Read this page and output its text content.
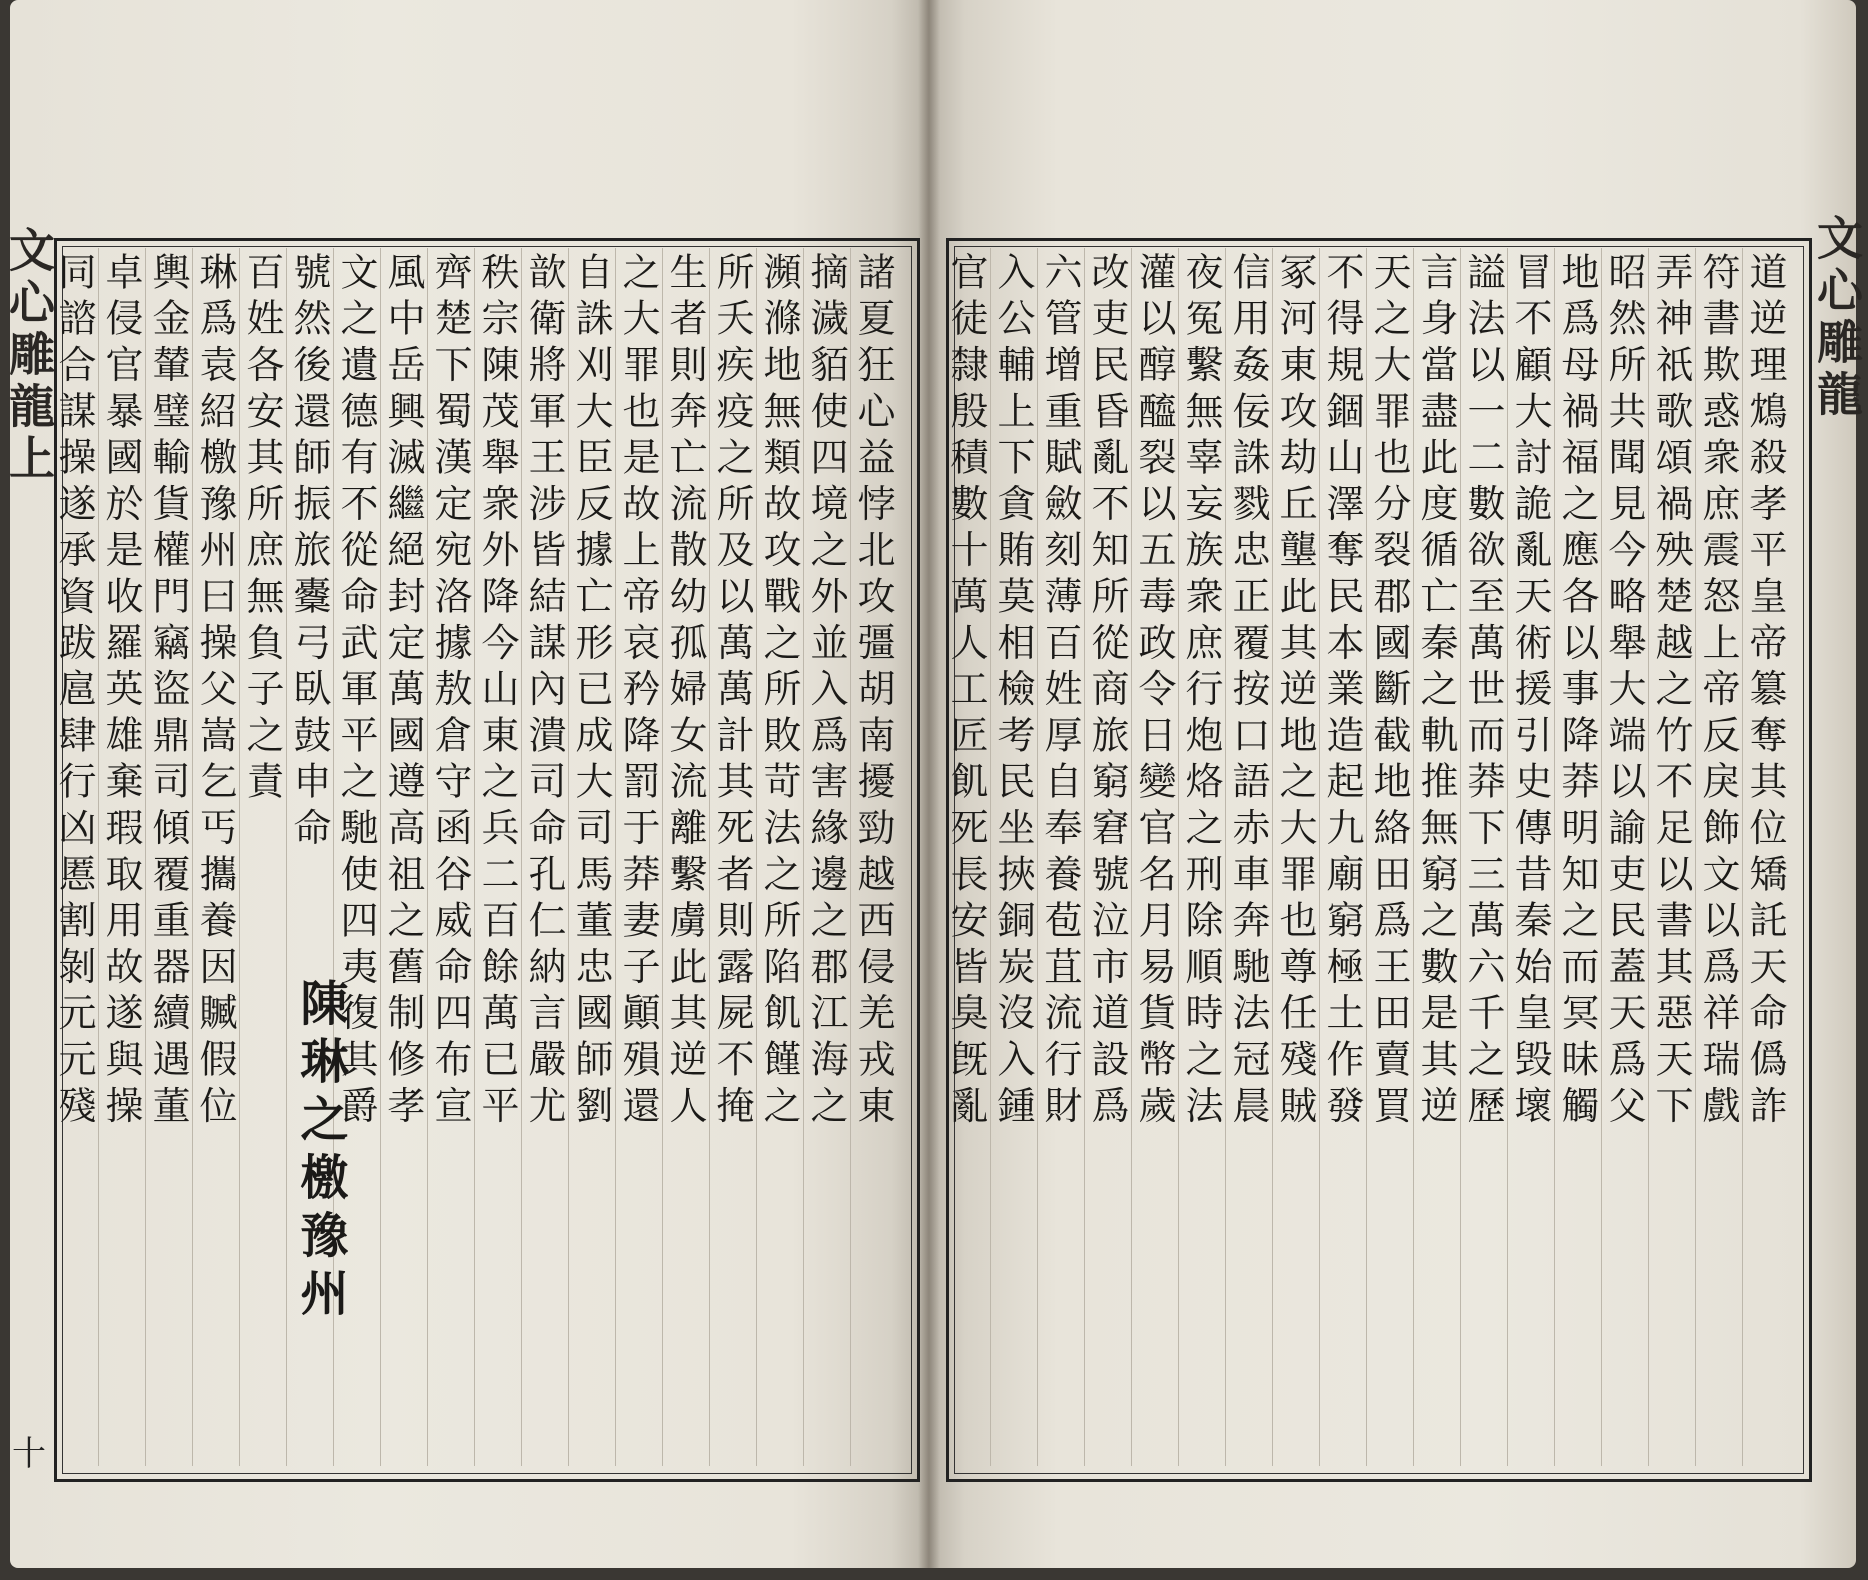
文心雕龍上	文心雕龍
十
諸夏狂心益悖北攻彊胡南擾勁越西侵羌戎東
摘濊貊使四境之外並入爲害緣邊之郡江海之
瀕滌地無類故攻戰之所敗苛法之所陷飢饉之
所夭疾疫之所及以萬萬計其死者則露屍不掩
生者則奔亡流散幼孤婦女流離繫虜此其逆人
之大罪也是故上帝哀矜降罰于莽妻子顚殞還
自誅刈大臣反據亡形已成大司馬董忠國師劉
歆衛將軍王涉皆結謀內潰司命孔仁納言嚴尤
秩宗陳茂舉衆外降今山東之兵二百餘萬已平
齊楚下蜀漢定宛洛據敖倉守函谷威命四布宣
風中岳興滅繼絕封定萬國遵高祖之舊制修孝
文之遺德有不從命武軍平之馳使四夷復其爵
號然後還師振旅櫜弓臥鼓申命
百姓各安其所庶無負子之責
琳爲袁紹檄豫州曰操父嵩乞丐攜養因贓假位
輿金輦璧輸貨權門竊盜鼎司傾覆重器續遇董
卓侵官暴國於是收羅英雄棄瑕取用故遂與操
同諮合謀操遂承資跋扈肆行凶慝割剝元元殘	道逆理鴆殺孝平皇帝簒奪其位矯託天命僞詐
符書欺惑衆庶震怒上帝反戾飾文以爲祥瑞戲
弄神祇歌頌禍殃楚越之竹不足以書其惡天下
昭然所共聞見今略舉大端以諭吏民蓋天爲父
地爲母禍福之應各以事降莽明知之而冥昧觸
冒不顧大討詭亂天術援引史傳昔秦始皇毁壞
謚法以一二數欲至萬世而莽下三萬六千之歷
言身當盡此度循亡秦之軌推無窮之數是其逆
天之大罪也分裂郡國斷截地絡田爲王田賣買
不得規錮山澤奪民本業造起九廟窮極土作發
冢河東攻劫丘壟此其逆地之大罪也尊任殘賊
信用姦佞誅戮忠正覆按口語赤車奔馳法冠晨
夜冤繫無辜妄族衆庶行炮烙之刑除順時之法
灌以醇醯裂以五毒政令日變官名月易貨幣歲
改吏民昏亂不知所從商旅窮窘號泣市道設爲
六管增重賦斂刻薄百姓厚自奉養苞苴流行財
入公輔上下貪賄莫相檢考民坐挾銅炭沒入鍾
官徒隸殷積數十萬人工匠飢死長安皆臭旣亂
陳琳之檄豫州
